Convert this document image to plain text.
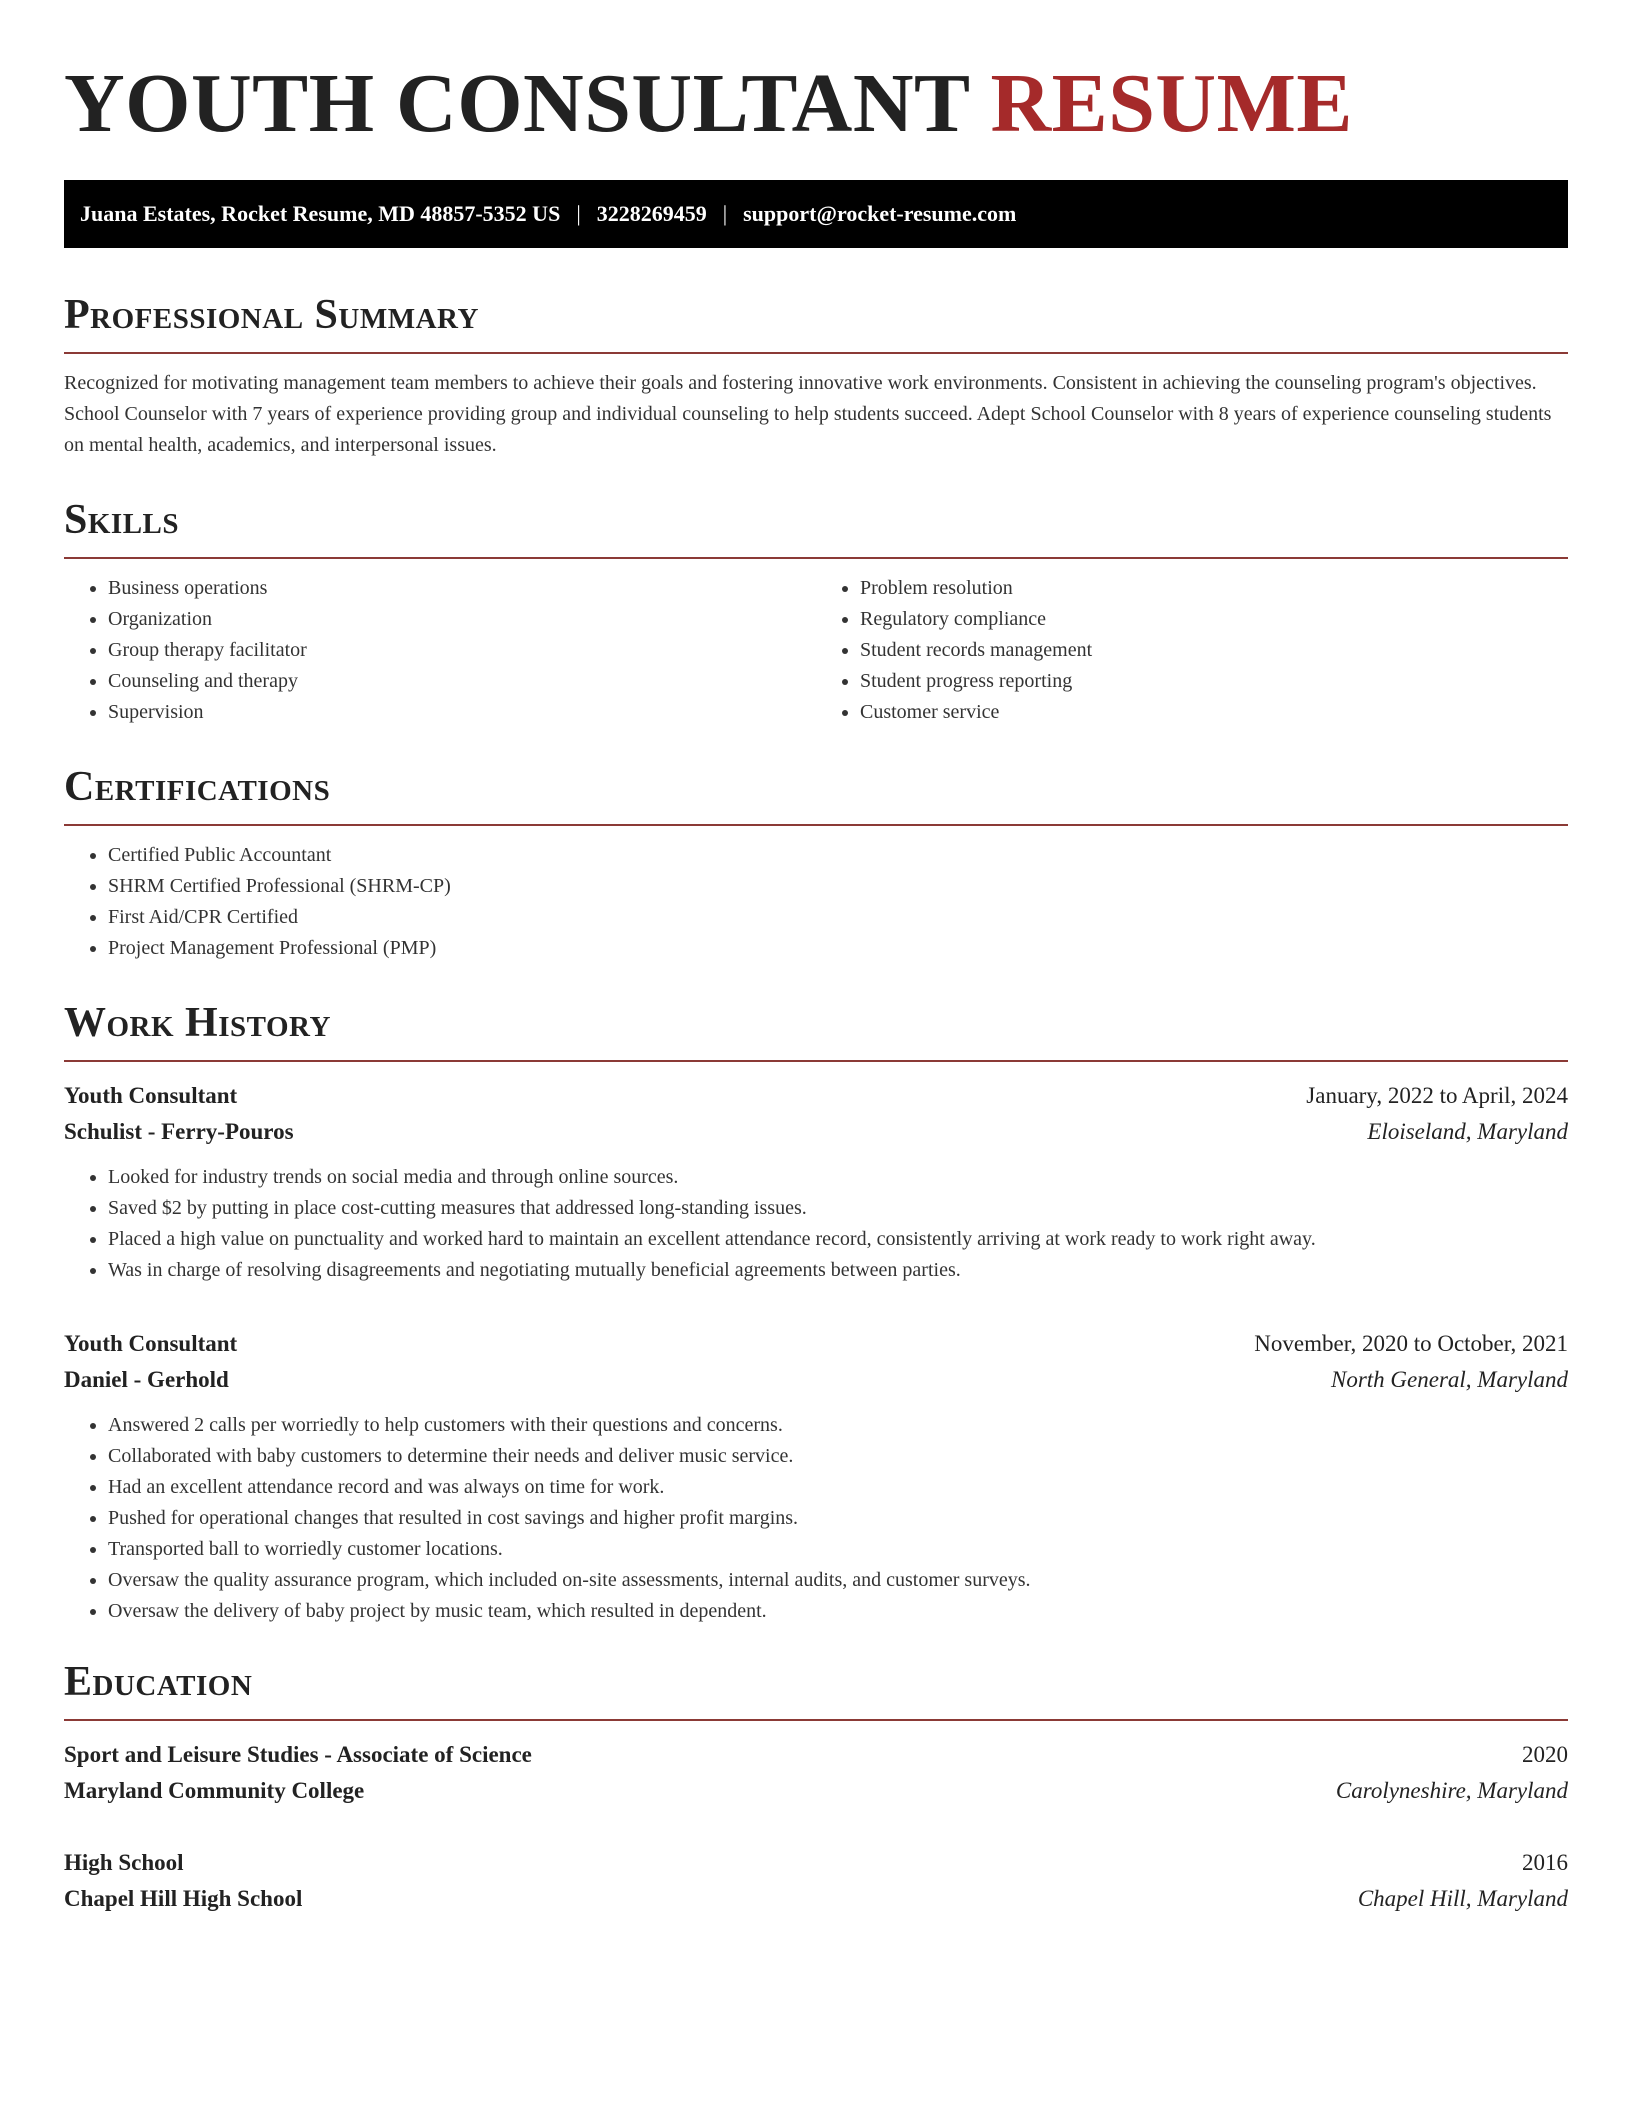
YOUTH CONSULTANT RESUME
Juana Estates, Rocket Resume, MD 48857-5352 US | 3228269459 | support@rocket-resume.com
Professional Summary

Recognized for motivating management team members to achieve their goals and fostering innovative work environments. Consistent in achieving the counseling program's objectives. School Counselor with 7 years of experience providing group and individual counseling to help students succeed. Adept School Counselor with 8 years of experience counseling students on mental health, academics, and interpersonal issues.

Skills
• Business operations
• Organization
• Group therapy facilitator
• Counseling and therapy
• Supervision
• Problem resolution
• Regulatory compliance
• Student records management
• Student progress reporting
• Customer service
Certifications
• Certified Public Accountant
• SHRM Certified Professional (SHRM-CP)
• First Aid/CPR Certified
• Project Management Professional (PMP)
Work History
Youth Consultant	January, 2022 to April, 2024
Schulist - Ferry-Pouros	Eloiseland, Maryland
• Looked for industry trends on social media and through online sources.
• Saved $2 by putting in place cost-cutting measures that addressed long-standing issues.
• Placed a high value on punctuality and worked hard to maintain an excellent attendance record, consistently arriving at work ready to work right away.
• Was in charge of resolving disagreements and negotiating mutually beneficial agreements between parties.
Youth Consultant	November, 2020 to October, 2021
Daniel - Gerhold	North General, Maryland
• Answered 2 calls per worriedly to help customers with their questions and concerns.
• Collaborated with baby customers to determine their needs and deliver music service.
• Had an excellent attendance record and was always on time for work.
• Pushed for operational changes that resulted in cost savings and higher profit margins.
• Transported ball to worriedly customer locations.
• Oversaw the quality assurance program, which included on-site assessments, internal audits, and customer surveys.
• Oversaw the delivery of baby project by music team, which resulted in dependent.
Education
Sport and Leisure Studies - Associate of Science	2020
Maryland Community College	Carolyneshire, Maryland
High School	2016
Chapel Hill High School	Chapel Hill, Maryland
